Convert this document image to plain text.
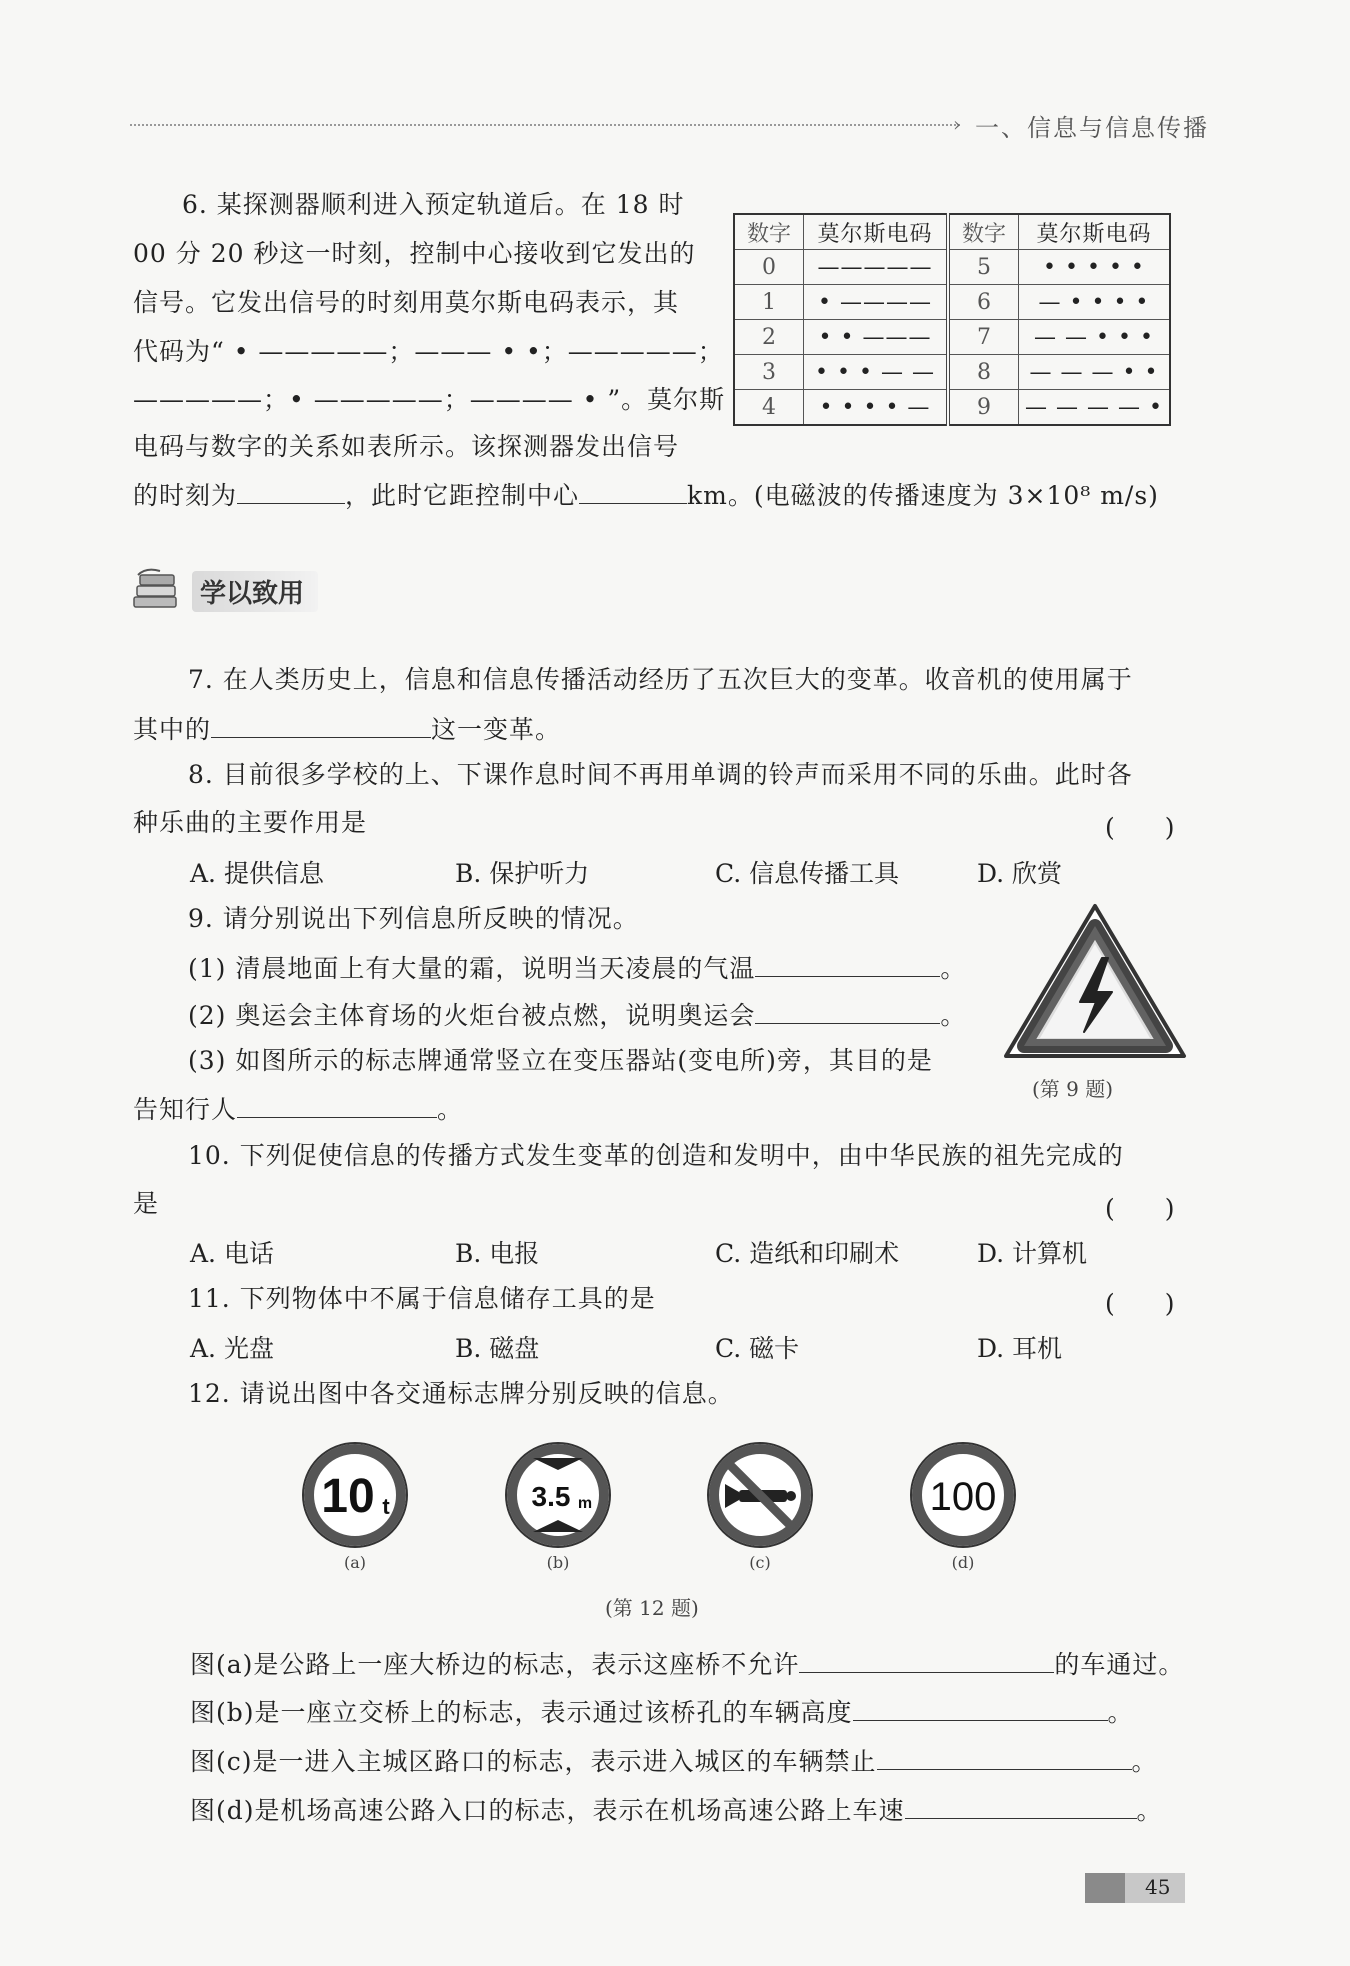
› 一、信息与信息传播
6. 某探测器顺利进入预定轨道后。在 18 时
00 分 20 秒这一时刻，控制中心接收到它发出的
信号。它发出信号的时刻用莫尔斯电码表示，其
代码为“ • —————；——— • •；—————；
—————；• —————；———— • ”。莫尔斯
电码与数字的关系如表所示。该探测器发出信号
的时刻为	，此时它距控制中心	km。(电磁波的传播速度为 3×10⁸ m/s)
数字	莫尔斯电码	数字	莫尔斯电码
0	—————	5	• • • • •
1	• ————	6	— • • • •
2	• • ———	7	— — • • •
3	• • • — —	8	— — — • •
4	• • • • —	9	— — — — •
学以致用
7. 在人类历史上，信息和信息传播活动经历了五次巨大的变革。收音机的使用属于
其中的	这一变革。
8. 目前很多学校的上、下课作息时间不再用单调的铃声而采用不同的乐曲。此时各
种乐曲的主要作用是	(　　)
A. 提供信息	B. 保护听力	C. 信息传播工具	D. 欣赏
9. 请分别说出下列信息所反映的情况。
(1) 清晨地面上有大量的霜，说明当天凌晨的气温	。
(2) 奥运会主体育场的火炬台被点燃，说明奥运会	。
(3) 如图所示的标志牌通常竖立在变压器站(变电所)旁，其目的是
告知行人	。
(第 9 题)
10. 下列促使信息的传播方式发生变革的创造和发明中，由中华民族的祖先完成的
是	(　　)
A. 电话	B. 电报	C. 造纸和印刷术	D. 计算机
11. 下列物体中不属于信息储存工具的是	(　　)
A. 光盘	B. 磁盘	C. 磁卡	D. 耳机
12. 请说出图中各交通标志牌分别反映的信息。
10 t
(a)
3.5 m
(b)	(c)
100
(d)
(第 12 题)
图(a)是公路上一座大桥边的标志，表示这座桥不允许	的车通过。
图(b)是一座立交桥上的标志，表示通过该桥孔的车辆高度	。
图(c)是一进入主城区路口的标志，表示进入城区的车辆禁止	。
图(d)是机场高速公路入口的标志，表示在机场高速公路上车速	。
45
